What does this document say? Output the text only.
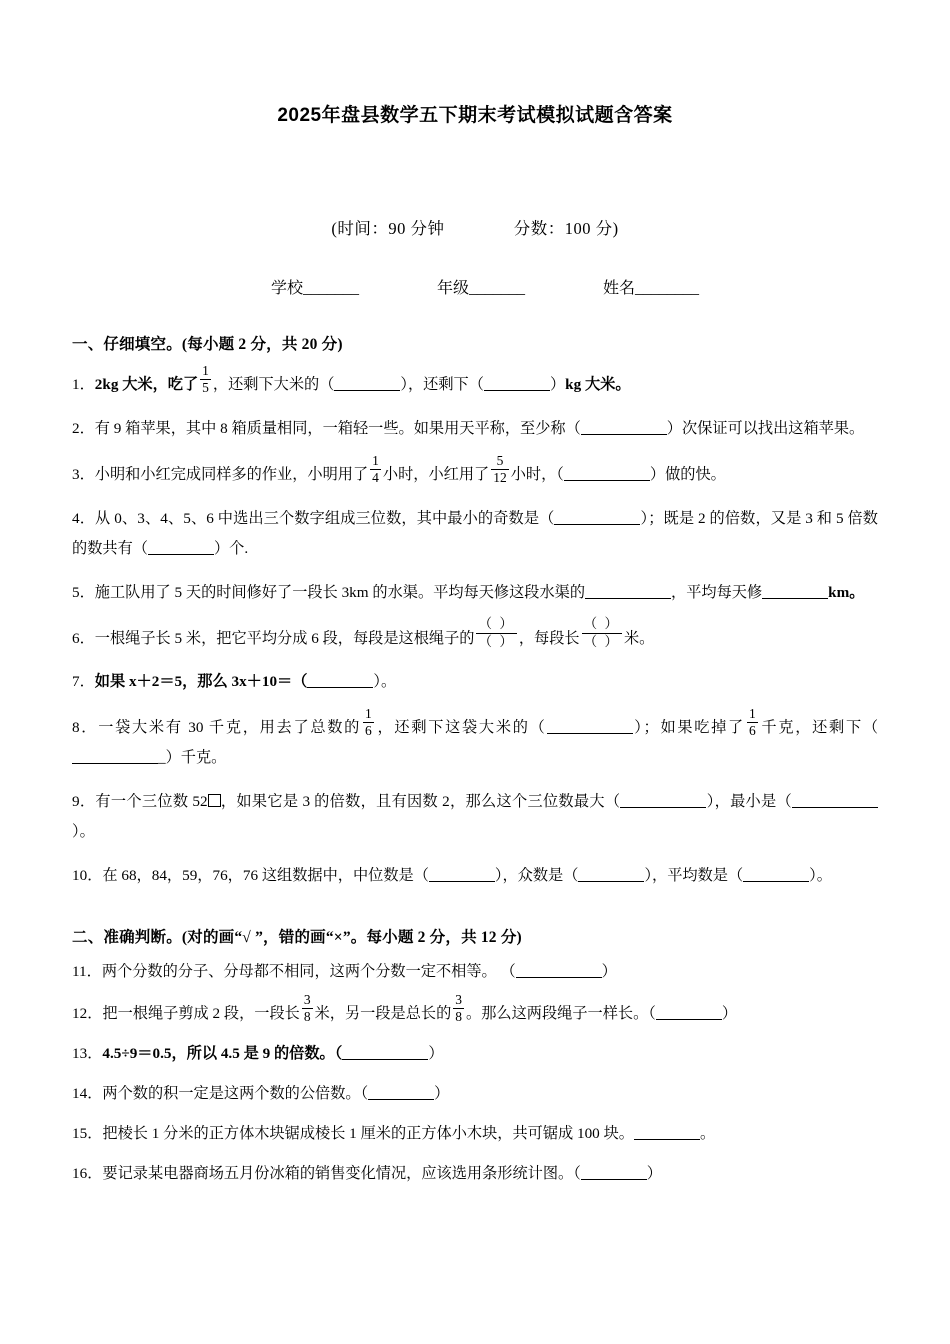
2025年盘县数学五下期末考试模拟试题含答案
(时间：90 分钟	分数：100 分)
学校_______	年级_______	姓名________
一、仔细填空。(每小题 2 分，共 20 分)
1．2kg 大米，吃了 $\frac{1}{5}$ ，还剩下大米的（	），还剩下（	）kg 大米。
2．有 9 箱苹果，其中 8 箱质量相同，一箱轻一些。如果用天平称，至少称（	）次保证可以找出这箱苹果。
3．小明和小红完成同样多的作业，小明用了 $\frac{1}{4}$ 小时，小红用了 $\frac{5}{12}$ 小时，（	）做的快。
4．从 0、3、4、5、6 中选出三个数字组成三位数，其中最小的奇数是（	）；既是 2 的倍数，又是 3 和 5 倍数的数共有（	）个.
5．施工队用了 5 天的时间修好了一段长 3km 的水渠。平均每天修这段水渠的	，平均每天修	km。
6．一根绳子长 5 米，把它平均分成 6 段，每段是这根绳子的 $\frac{( )}{( )}$ ，每段长 $\frac{( )}{( )}$ 米。
7．如果 x＋2＝5，那么 3x＋10＝（	）。
8．一袋大米有 30 千克，用去了总数的 $\frac{1}{6}$ ，还剩下这袋大米的（	）；如果吃掉了 $\frac{1}{6}$ 千克，还剩下（_）千克。
9．有一个三位数 52 ，如果它是 3 的倍数，且有因数 2，那么这个三位数最大（	），最小是（）。
10．在 68，84，59，76，76 这组数据中，中位数是（	），众数是（	），平均数是（	）。
二、准确判断。(对的画“√ ”，错的画“×”。每小题 2 分，共 12 分)
11．两个分数的分子、分母都不相同，这两个分数一定不相等。 （	）
12．把一根绳子剪成 2 段，一段长 $\frac{3}{8}$ 米，另一段是总长的 $\frac{3}{8}$ 。那么这两段绳子一样长。（	）
13．4.5÷9＝0.5，所以 4.5 是 9 的倍数。（	）
14．两个数的积一定是这两个数的公倍数。（	）
15．把棱长 1 分米的正方体木块锯成棱长 1 厘米的正方体小木块，共可锯成 100 块。	。
16．要记录某电器商场五月份冰箱的销售变化情况，应该选用条形统计图。（	）
